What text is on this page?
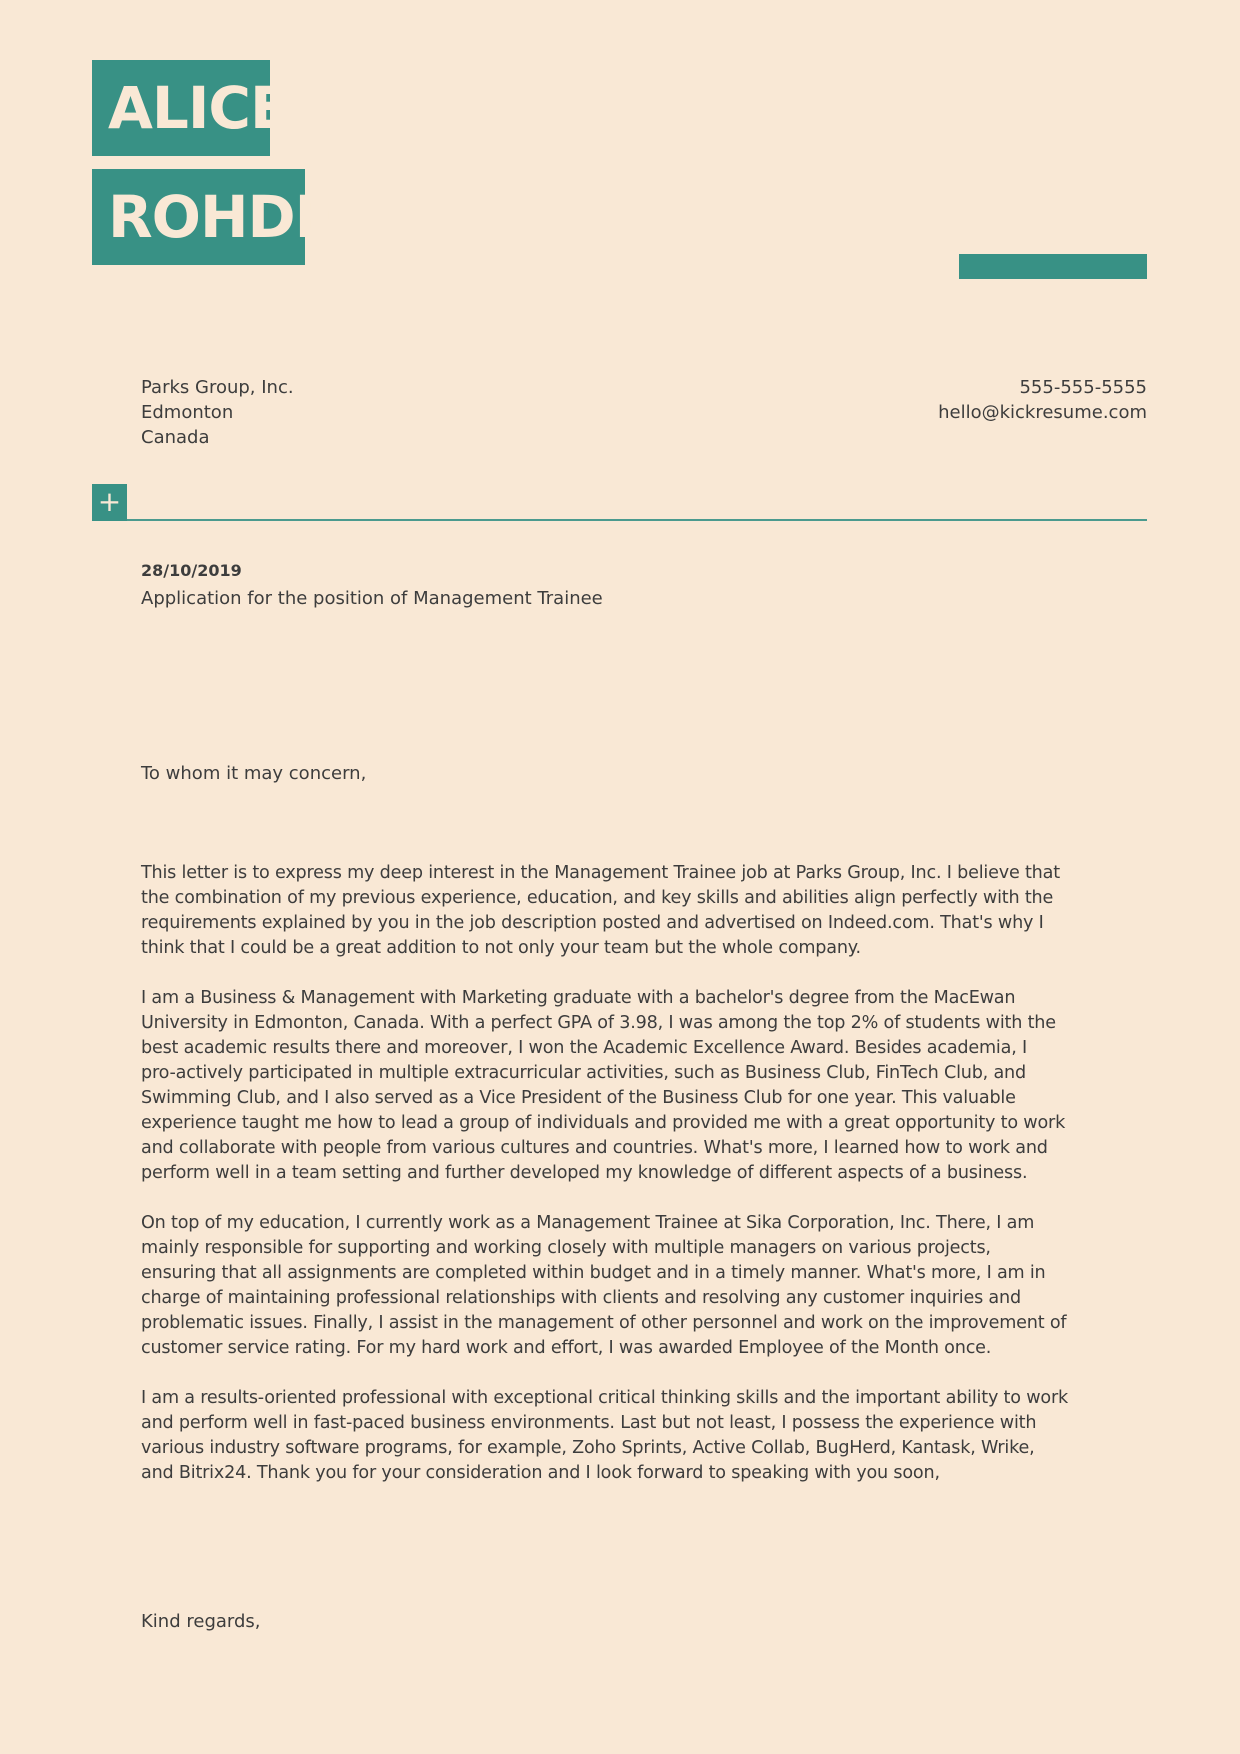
ALICE
ROHDE
Parks Group, Inc.
Edmonton
Canada
555-555-5555
hello@kickresume.com
+
28/10/2019
Application for the position of Management Trainee
To whom it may concern,

This letter is to express my deep interest in the Management Trainee job at Parks Group, Inc. I believe that
the combination of my previous experience, education, and key skills and abilities align perfectly with the
requirements explained by you in the job description posted and advertised on Indeed.com. That's why I
think that I could be a great addition to not only your team but the whole company.

I am a Business & Management with Marketing graduate with a bachelor's degree from the MacEwan
University in Edmonton, Canada. With a perfect GPA of 3.98, I was among the top 2% of students with the
best academic results there and moreover, I won the Academic Excellence Award. Besides academia, I
pro-actively participated in multiple extracurricular activities, such as Business Club, FinTech Club, and
Swimming Club, and I also served as a Vice President of the Business Club for one year. This valuable
experience taught me how to lead a group of individuals and provided me with a great opportunity to work
and collaborate with people from various cultures and countries. What's more, I learned how to work and
perform well in a team setting and further developed my knowledge of different aspects of a business.

On top of my education, I currently work as a Management Trainee at Sika Corporation, Inc. There, I am
mainly responsible for supporting and working closely with multiple managers on various projects,
ensuring that all assignments are completed within budget and in a timely manner. What's more, I am in
charge of maintaining professional relationships with clients and resolving any customer inquiries and
problematic issues. Finally, I assist in the management of other personnel and work on the improvement of
customer service rating. For my hard work and effort, I was awarded Employee of the Month once.

I am a results-oriented professional with exceptional critical thinking skills and the important ability to work
and perform well in fast-paced business environments. Last but not least, I possess the experience with
various industry software programs, for example, Zoho Sprints, Active Collab, BugHerd, Kantask, Wrike,
and Bitrix24. Thank you for your consideration and I look forward to speaking with you soon,

Kind regards,
